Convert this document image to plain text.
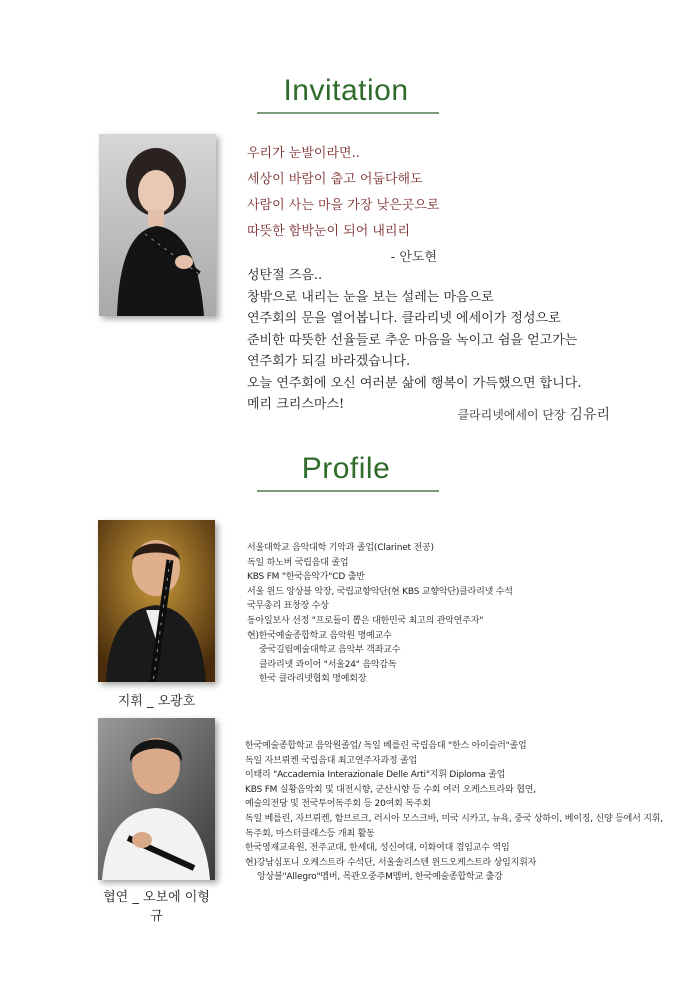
Invitation

우리가 눈발이라면..

세상이 바람이 춥고 어둡다해도

사람이 사는 마을 가장 낮은곳으로

따뜻한 함박눈이 되어 내리리

- 안도현

성탄절 즈음..

창밖으로 내리는 눈을 보는 설레는 마음으로

연주회의 문을 열어봅니다. 클라리넷 에세이가 정성으로

준비한 따뜻한 선율들로 추운 마음을 녹이고 쉼을 얻고가는

연주회가 되길 바라겠습니다.

오늘 연주회에 오신 여러분 삶에 행복이 가득했으면 합니다.

메리 크리스마스!

클라리넷에세이 단장 김유리
Profile
지휘 _ 오광호

서울대학교 음악대학 기악과 졸업(Clarinet 전공)

독일 하노버 국립음대 졸업

KBS FM "한국음악가"CD 출반

서울 윈드 앙상블 악장, 국립교향악단(현 KBS 교향악단)클라리넷 수석

국무총리 표창장 수상

동아일보사 선정 "프로들이 뽑은 대한민국 최고의 관악연주자"

현)한국예술종합학교 음악원 명예교수

중국길림예술대학교 음악부 객좌교수

클라리넷 콰이어 "서울24" 음악감독

한국 클라리넷협회 명예회장

협연 _ 오보에 이형규

한국예술종합학교 음악원졸업/ 독일 베를린 국립음대 "한스 아이슬러"졸업

독일 자브뤼켄 국립음대 최고연주자과정 졸업

이태리 "Accademia Interazionale Delle Arti"지휘 Diploma 졸업

KBS FM 실황음악회 및 대전시향, 군산시향 등 수회 여러 오케스트라와 협연,

예술의전당 및 전국투어독주회 등 20여회 독주회

독일 베를린, 자브뤼켄, 함브르크, 러시아 모스크바, 미국 시카고, 뉴욕, 중국 상하이, 베이징, 신양 등에서 지휘,

독주회, 마스터클래스등 개최 활동

한국영재교육원, 전주교대, 한세대, 성신여대, 이화여대 겸임교수 역임

현)강남심포니 오케스트라 수석단, 서울솔리스텐 윈드오케스트라 상임지휘자

앙상블"Allegro"멤버, 목관오중주M멤버, 한국예술종합학교 출강
